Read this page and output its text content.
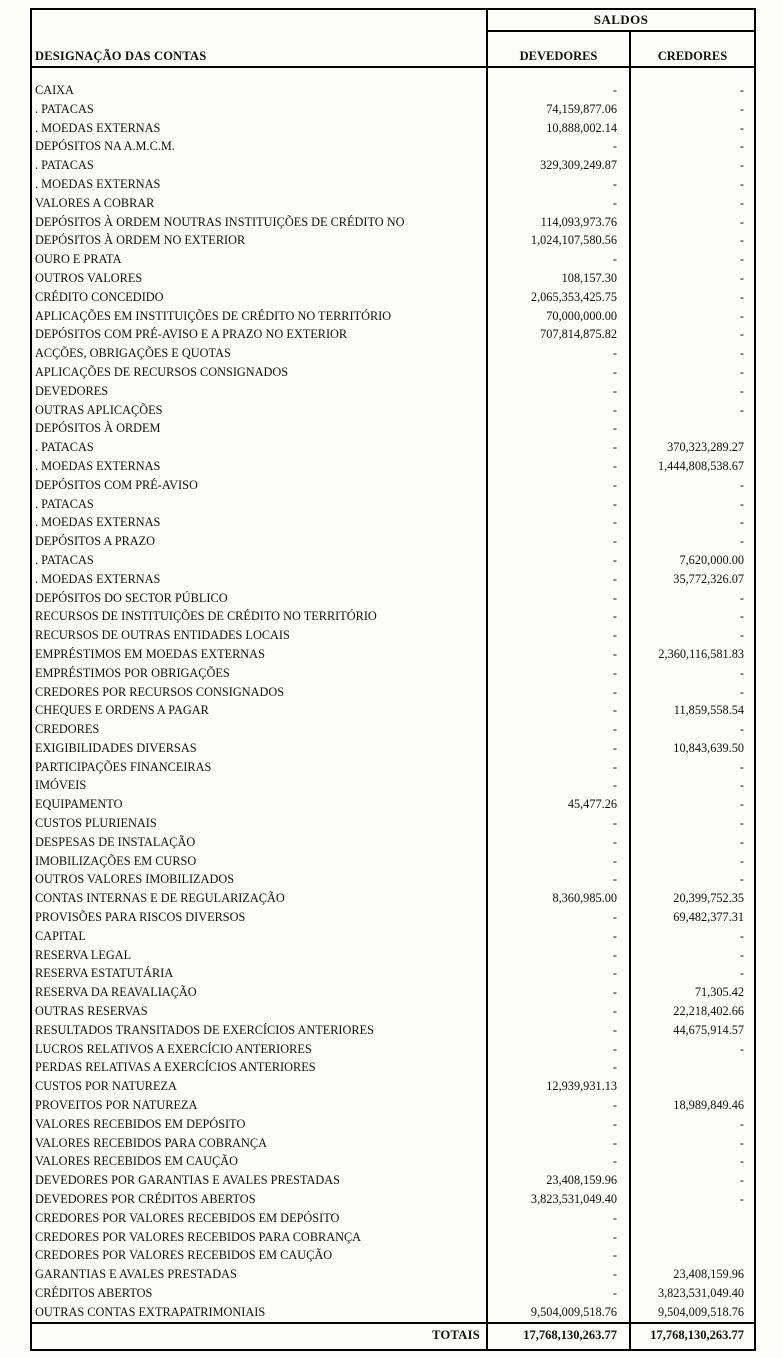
	SALDOS	
DESIGNAÇÃO DAS CONTAS	DEVEDORES	CREDORES

CAIXA	-	-
. PATACAS	74,159,877.06	-
. MOEDAS EXTERNAS	10,888,002.14	-
DEPÓSITOS NA A.M.C.M.	-	-
. PATACAS	329,309,249.87	-
. MOEDAS EXTERNAS	-	-
VALORES A COBRAR	-	-
DEPÓSITOS À ORDEM NOUTRAS INSTITUIÇÕES DE CRÉDITO NO	114,093,973.76	-
DEPÓSITOS À ORDEM NO EXTERIOR	1,024,107,580.56	-
OURO E PRATA	-	-
OUTROS VALORES	108,157.30	-
CRÉDITO CONCEDIDO	2,065,353,425.75	-
APLICAÇÕES EM INSTITUIÇÕES DE CRÉDITO NO TERRITÓRIO	70,000,000.00	-
DEPÓSITOS COM PRÉ-AVISO E A PRAZO NO EXTERIOR	707,814,875.82	-
ACÇÕES, OBRIGAÇÕES E QUOTAS	-	-
APLICAÇÕES DE RECURSOS CONSIGNADOS	-	-
DEVEDORES	-	-
OUTRAS APLICAÇÕES	-	-
DEPÓSITOS À ORDEM	-	
. PATACAS	-	370,323,289.27
. MOEDAS EXTERNAS	-	1,444,808,538.67
DEPÓSITOS COM PRÉ-AVISO	-	-
. PATACAS	-	-
. MOEDAS EXTERNAS	-	-
DEPÓSITOS A PRAZO	-	-
. PATACAS	-	7,620,000.00
. MOEDAS EXTERNAS	-	35,772,326.07
DEPÓSITOS DO SECTOR PÚBLICO	-	-
RECURSOS DE INSTITUIÇÕES DE CRÉDITO NO TERRITÓRIO	-	-
RECURSOS DE OUTRAS ENTIDADES LOCAIS	-	-
EMPRÉSTIMOS EM MOEDAS EXTERNAS	-	2,360,116,581.83
EMPRÉSTIMOS POR OBRIGAÇÕES	-	-
CREDORES POR RECURSOS CONSIGNADOS	-	-
CHEQUES E ORDENS A PAGAR	-	11,859,558.54
CREDORES	-	-
EXIGIBILIDADES DIVERSAS	-	10,843,639.50
PARTICIPAÇÕES FINANCEIRAS	-	-
IMÓVEIS	-	-
EQUIPAMENTO	45,477.26	-
CUSTOS PLURIENAIS	-	-
DESPESAS DE INSTALAÇÃO	-	-
IMOBILIZAÇÕES EM CURSO	-	-
OUTROS VALORES IMOBILIZADOS	-	-
CONTAS INTERNAS E DE REGULARIZAÇÃO	8,360,985.00	20,399,752.35
PROVISÕES PARA RISCOS DIVERSOS	-	69,482,377.31
CAPITAL	-	-
RESERVA LEGAL	-	-
RESERVA ESTATUTÁRIA	-	-
RESERVA DA REAVALIAÇÃO	-	71,305.42
OUTRAS RESERVAS	-	22,218,402.66
RESULTADOS TRANSITADOS DE EXERCÍCIOS ANTERIORES	-	44,675,914.57
LUCROS RELATIVOS A EXERCÍCIO ANTERIORES	-	-
PERDAS RELATIVAS A EXERCÍCIOS ANTERIORES	-	
CUSTOS POR NATUREZA	12,939,931.13	
PROVEITOS POR NATUREZA	-	18,989,849.46
VALORES RECEBIDOS EM DEPÓSITO	-	-
VALORES RECEBIDOS PARA COBRANÇA	-	-
VALORES RECEBIDOS EM CAUÇÃO	-	-
DEVEDORES POR GARANTIAS E AVALES PRESTADAS	23,408,159.96	-
DEVEDORES POR CRÉDITOS ABERTOS	3,823,531,049.40	-
CREDORES POR VALORES RECEBIDOS EM DEPÓSITO	-	
CREDORES POR VALORES RECEBIDOS PARA COBRANÇA	-	
CREDORES POR VALORES RECEBIDOS EM CAUÇÃO	-	
GARANTIAS E AVALES PRESTADAS	-	23,408,159.96
CRÉDITOS ABERTOS	-	3,823,531,049.40
OUTRAS CONTAS EXTRAPATRIMONIAIS	9,504,009,518.76	9,504,009,518.76
TOTAIS	17,768,130,263.77	17,768,130,263.77
